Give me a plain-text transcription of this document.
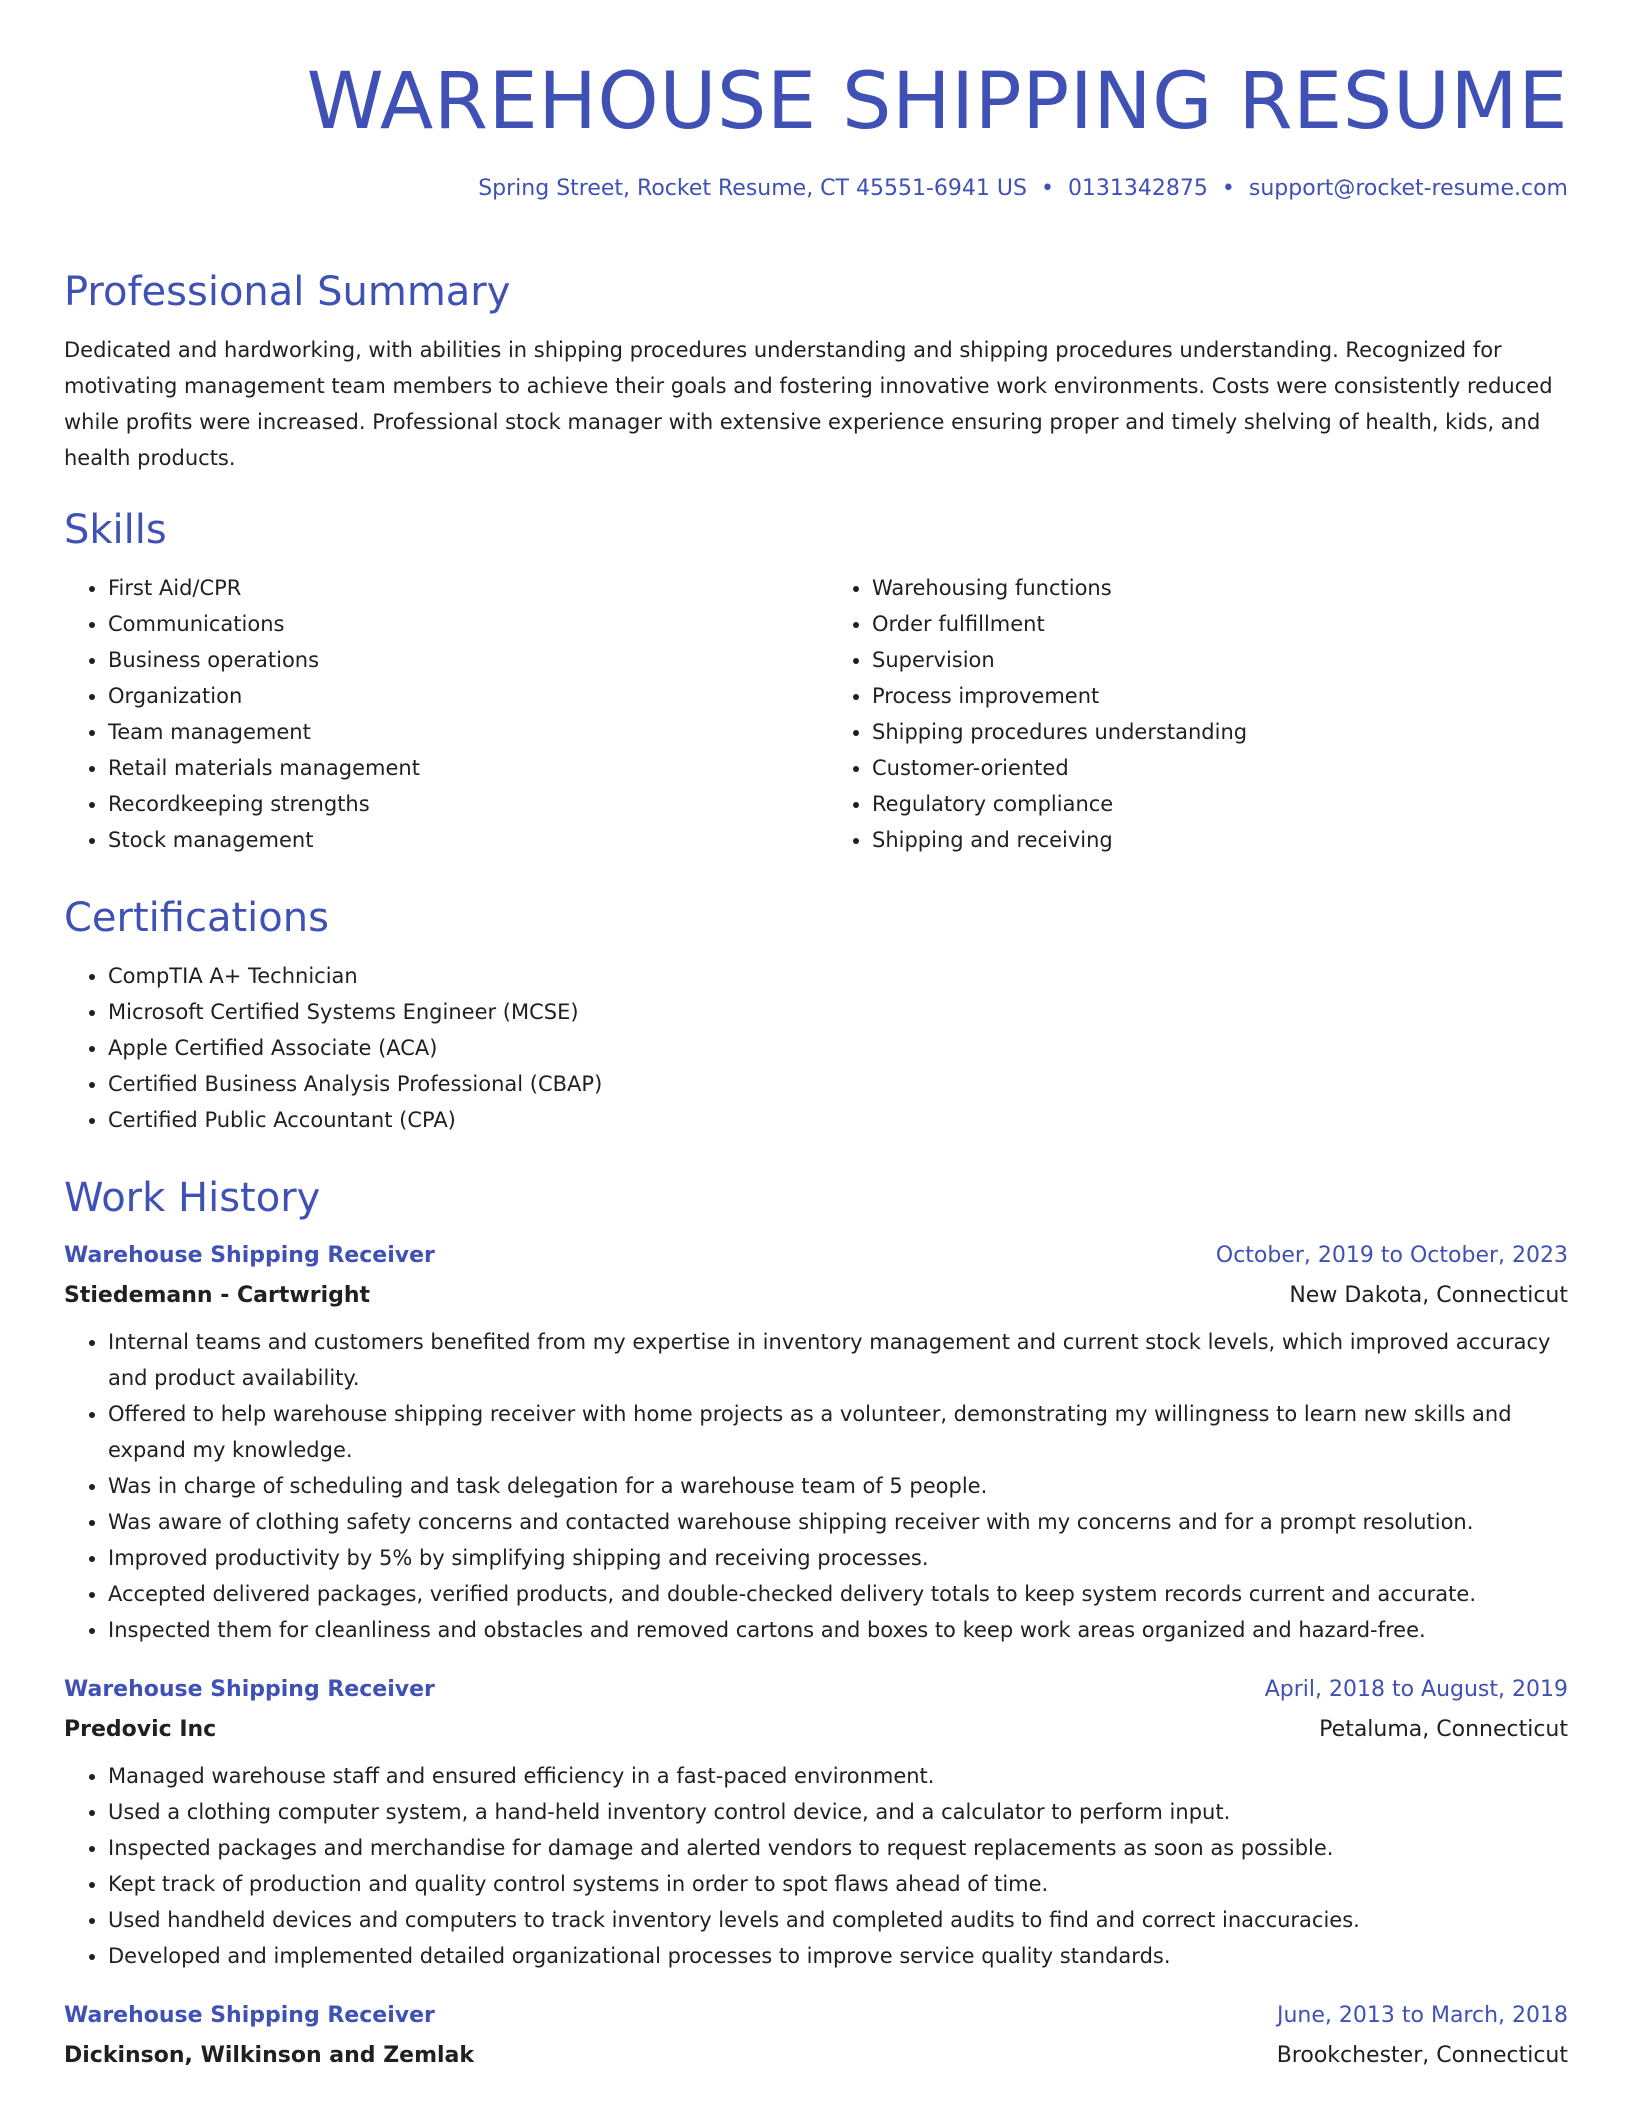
WAREHOUSE SHIPPING RESUME
Spring Street, Rocket Resume, CT 45551-6941 US • 0131342875 • support@rocket-resume.com
Professional Summary

Dedicated and hardworking, with abilities in shipping procedures understanding and shipping procedures understanding. Recognized for motivating management team members to achieve their goals and fostering innovative work environments. Costs were consistently reduced while profits were increased. Professional stock manager with extensive experience ensuring proper and timely shelving of health, kids, and health products.

Skills
• First Aid/CPR
• Communications
• Business operations
• Organization
• Team management
• Retail materials management
• Recordkeeping strengths
• Stock management
• Warehousing functions
• Order fulfillment
• Supervision
• Process improvement
• Shipping procedures understanding
• Customer-oriented
• Regulatory compliance
• Shipping and receiving
Certifications
• CompTIA A+ Technician
• Microsoft Certified Systems Engineer (MCSE)
• Apple Certified Associate (ACA)
• Certified Business Analysis Professional (CBAP)
• Certified Public Accountant (CPA)
Work History
Warehouse Shipping Receiver	October, 2019 to October, 2023
Stiedemann - Cartwright	New Dakota, Connecticut
• Internal teams and customers benefited from my expertise in inventory management and current stock levels, which improved accuracy and product availability.
• Offered to help warehouse shipping receiver with home projects as a volunteer, demonstrating my willingness to learn new skills and expand my knowledge.
• Was in charge of scheduling and task delegation for a warehouse team of 5 people.
• Was aware of clothing safety concerns and contacted warehouse shipping receiver with my concerns and for a prompt resolution.
• Improved productivity by 5% by simplifying shipping and receiving processes.
• Accepted delivered packages, verified products, and double-checked delivery totals to keep system records current and accurate.
• Inspected them for cleanliness and obstacles and removed cartons and boxes to keep work areas organized and hazard-free.
Warehouse Shipping Receiver	April, 2018 to August, 2019
Predovic Inc	Petaluma, Connecticut
• Managed warehouse staff and ensured efficiency in a fast-paced environment.
• Used a clothing computer system, a hand-held inventory control device, and a calculator to perform input.
• Inspected packages and merchandise for damage and alerted vendors to request replacements as soon as possible.
• Kept track of production and quality control systems in order to spot flaws ahead of time.
• Used handheld devices and computers to track inventory levels and completed audits to find and correct inaccuracies.
• Developed and implemented detailed organizational processes to improve service quality standards.
Warehouse Shipping Receiver	June, 2013 to March, 2018
Dickinson, Wilkinson and Zemlak	Brookchester, Connecticut
